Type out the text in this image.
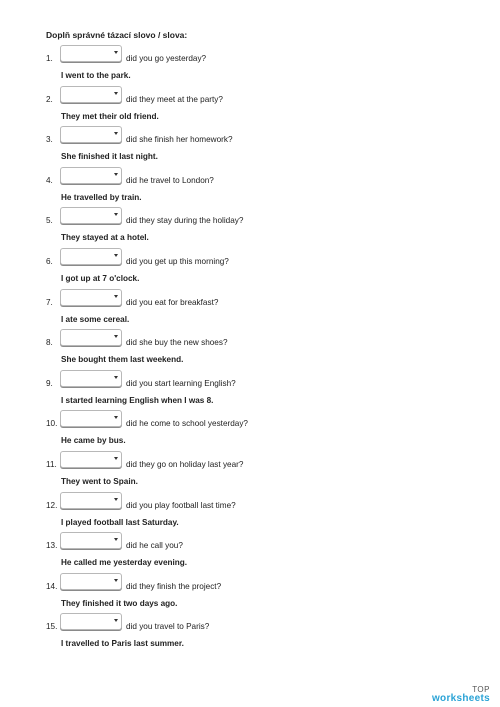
Doplň správné tázací slovo / slova:
1.	did you go yesterday?
I went to the park.
2.	did they meet at the party?
They met their old friend.
3.	did she finish her homework?
She finished it last night.
4.	did he travel to London?
He travelled by train.
5.	did they stay during the holiday?
They stayed at a hotel.
6.	did you get up this morning?
I got up at 7 o'clock.
7.	did you eat for breakfast?
I ate some cereal.
8.	did she buy the new shoes?
She bought them last weekend.
9.	did you start learning English?
I started learning English when I was 8.
10.	did he come to school yesterday?
He came by bus.
11.	did they go on holiday last year?
They went to Spain.
12.	did you play football last time?
I played football last Saturday.
13.	did he call you?
He called me yesterday evening.
14.	did they finish the project?
They finished it two days ago.
15.	did you travel to Paris?
I travelled to Paris last summer.
TOP
worksheets
